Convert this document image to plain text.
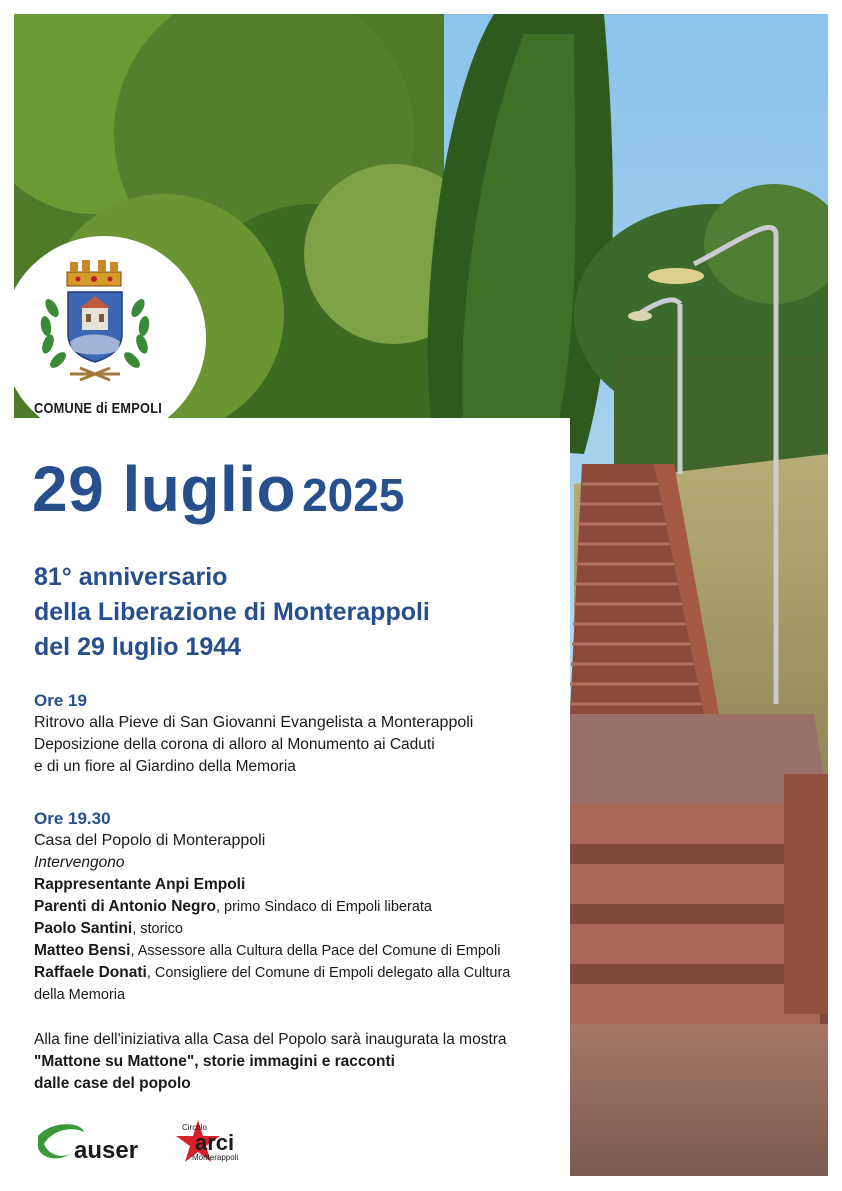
COMUNE di EMPOLI
29 luglio 2025
81° anniversario
della Liberazione di Monterappoli
del 29 luglio 1944
Ore 19
Ritrovo alla Pieve di San Giovanni Evangelista a Monterappoli
Deposizione della corona di alloro al Monumento ai Caduti
e di un fiore al Giardino della Memoria
Ore 19.30
Casa del Popolo di Monterappoli
Intervengono
Rappresentante Anpi Empoli
Parenti di Antonio Negro, primo Sindaco di Empoli liberata
Paolo Santini, storico
Matteo Bensi, Assessore alla Cultura della Pace del Comune di Empoli
Raffaele Donati, Consigliere del Comune di Empoli delegato alla Cultura
della Memoria
Alla fine dell'iniziativa alla Casa del Popolo sarà inaugurata la mostra
"Mattone su Mattone", storie immagini e racconti
dalle case del popolo
auser
Circolo
arci
Monterappoli
